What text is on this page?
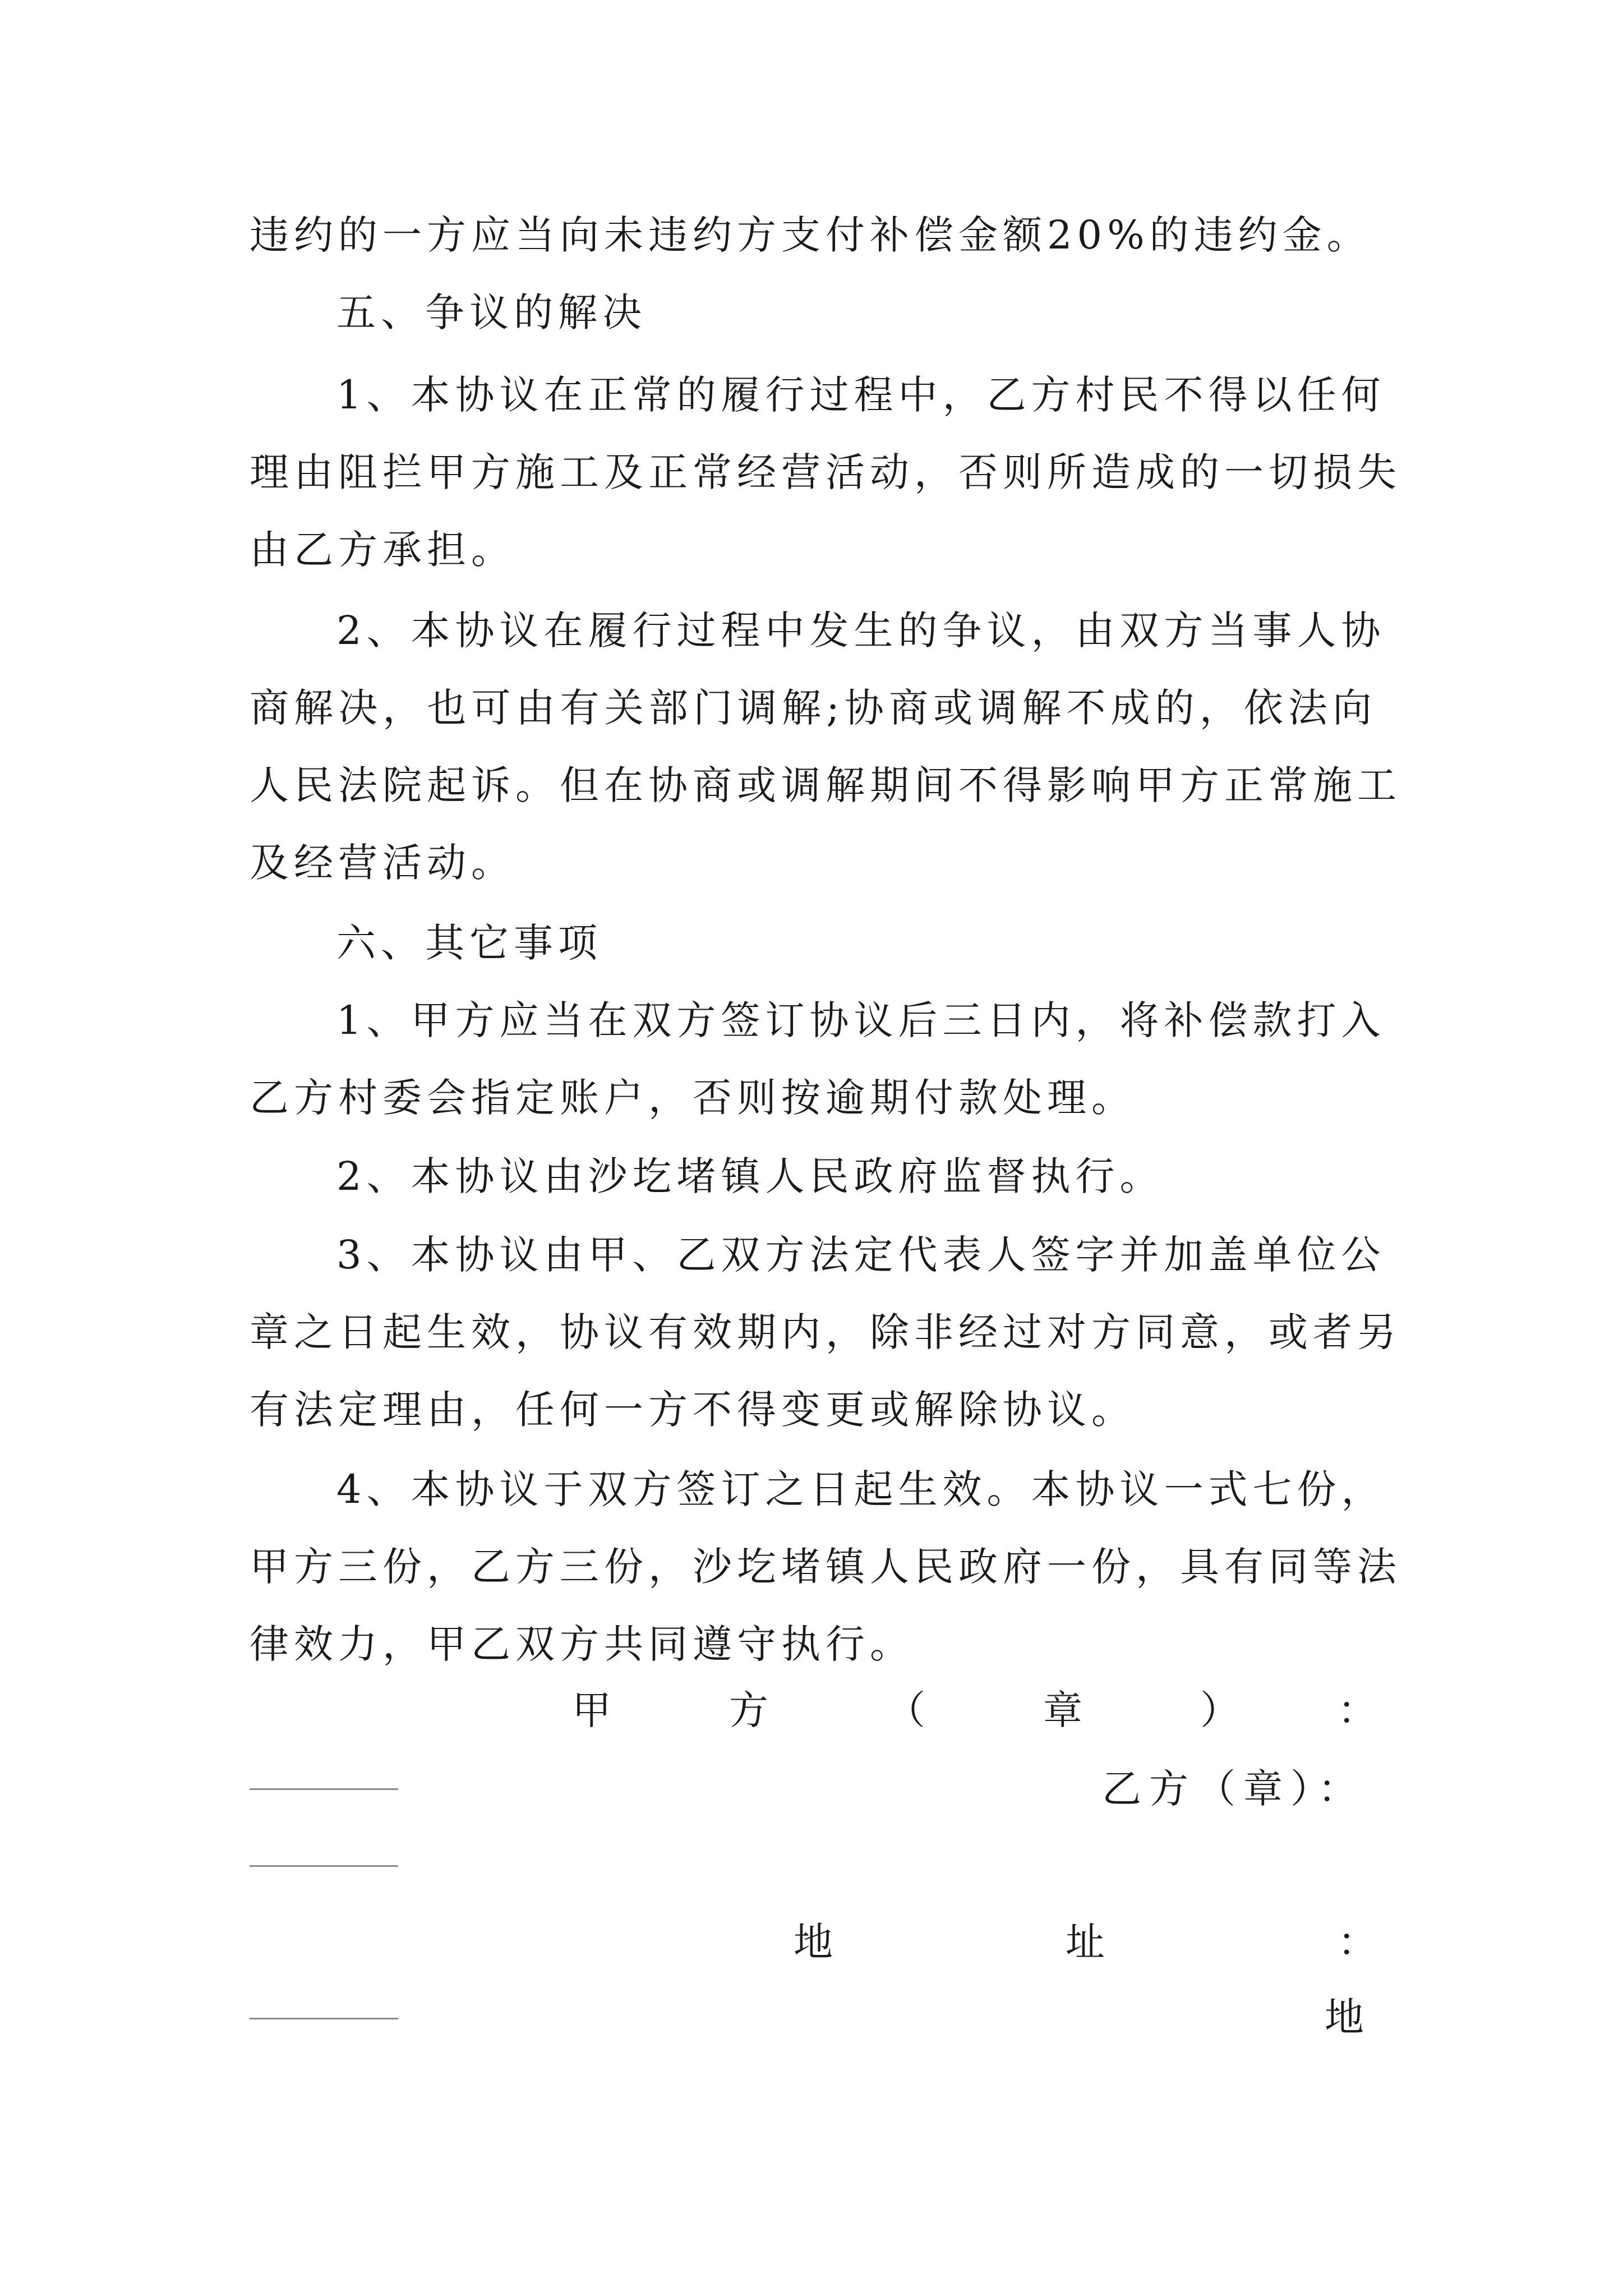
违约的一方应当向未违约方支付补偿金额20%的违约金。
五、争议的解决
1、本协议在正常的履行过程中，乙方村民不得以任何
理由阻拦甲方施工及正常经营活动，否则所造成的一切损失
由乙方承担。
2、本协议在履行过程中发生的争议，由双方当事人协
商解决，也可由有关部门调解;协商或调解不成的，依法向
人民法院起诉。但在协商或调解期间不得影响甲方正常施工
及经营活动。
六、其它事项
1、甲方应当在双方签订协议后三日内，将补偿款打入
乙方村委会指定账户，否则按逾期付款处理。
2、本协议由沙圪堵镇人民政府监督执行。
3、本协议由甲、乙双方法定代表人签字并加盖单位公
章之日起生效，协议有效期内，除非经过对方同意，或者另
有法定理由，任何一方不得变更或解除协议。
4、本协议于双方签订之日起生效。本协议一式七份，
甲方三份，乙方三份，沙圪堵镇人民政府一份，具有同等法
律效力，甲乙双方共同遵守执行。
甲方（章）：
乙方（章）：
地址：
地
